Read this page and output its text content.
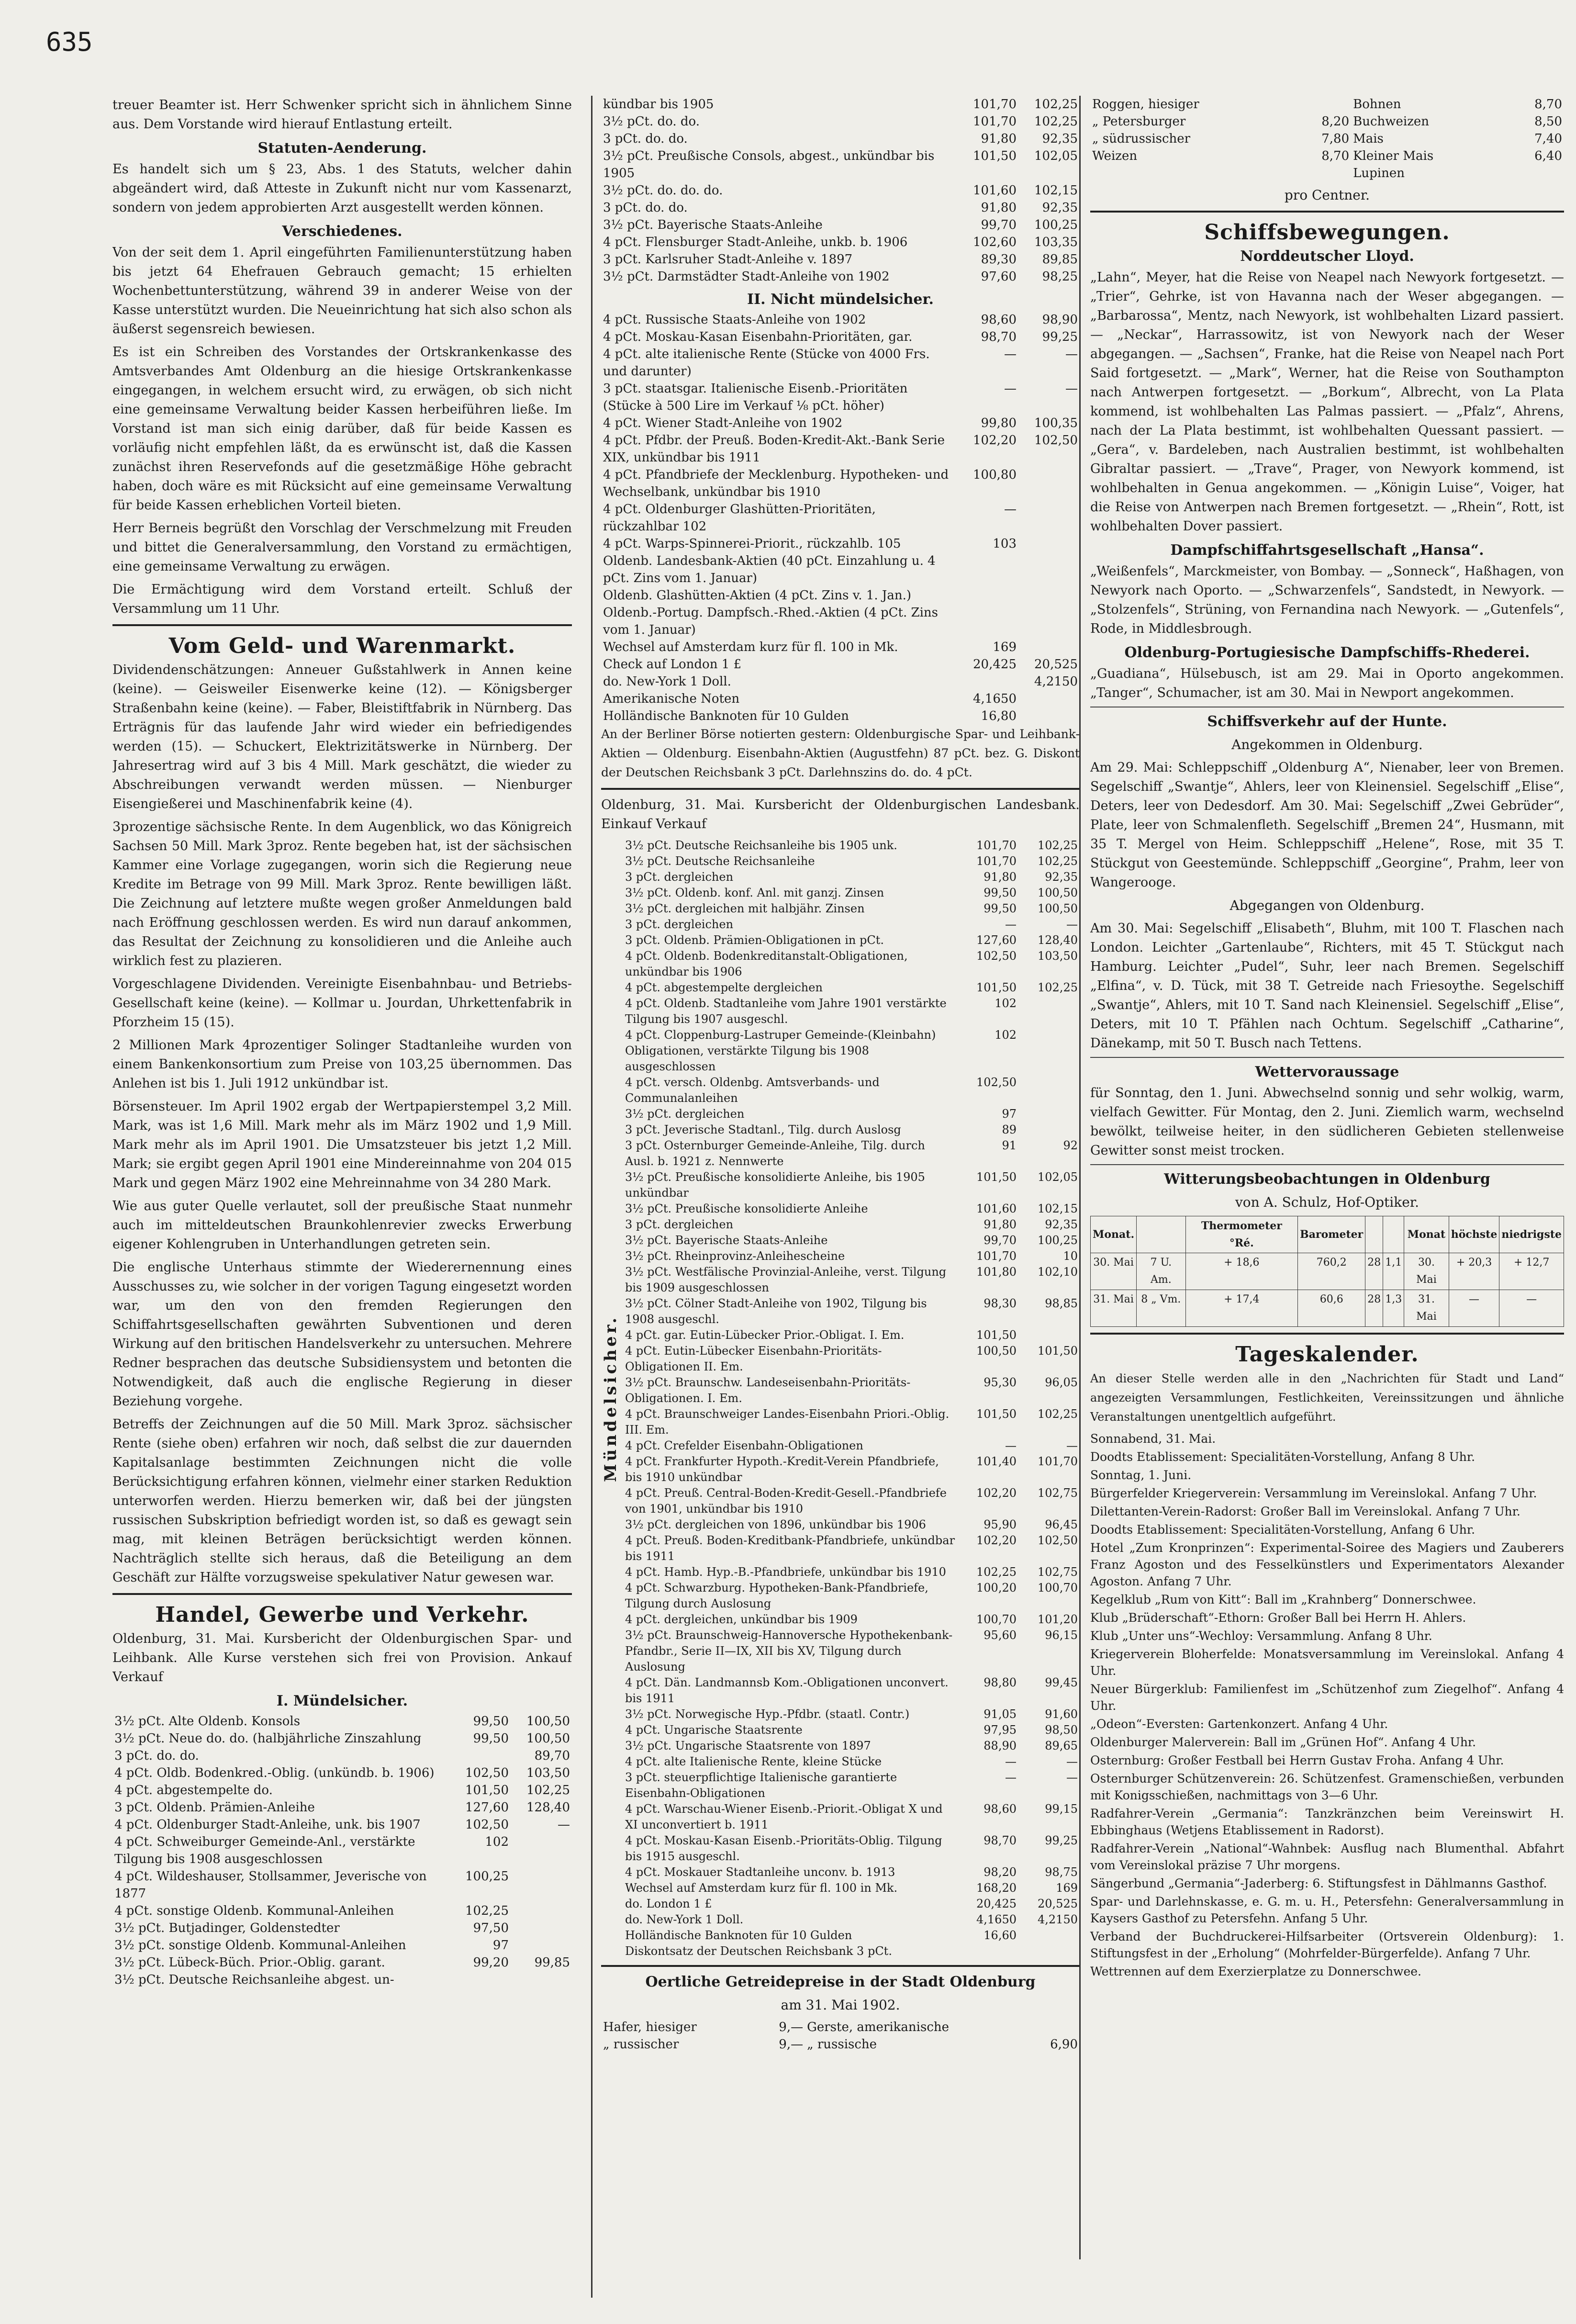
635

treuer Beamter ist. Herr Schwenker spricht sich in ähnlichem Sinne aus. Dem Vorstande wird hierauf Entlastung erteilt.

Statuten-Aenderung.

Es handelt sich um § 23, Abs. 1 des Statuts, welcher dahin abgeändert wird, daß Atteste in Zukunft nicht nur vom Kassenarzt, sondern von jedem approbierten Arzt ausgestellt werden können.

Verschiedenes.

Von der seit dem 1. April eingeführten Familienunterstützung haben bis jetzt 64 Ehefrauen Gebrauch gemacht; 15 erhielten Wochenbettunterstützung, während 39 in anderer Weise von der Kasse unterstützt wurden. Die Neueinrichtung hat sich also schon als äußerst segensreich bewiesen.

Es ist ein Schreiben des Vorstandes der Ortskrankenkasse des Amtsverbandes Amt Oldenburg an die hiesige Ortskrankenkasse eingegangen, in welchem ersucht wird, zu erwägen, ob sich nicht eine gemeinsame Verwaltung beider Kassen herbeiführen ließe. Im Vorstand ist man sich einig darüber, daß für beide Kassen es vorläufig nicht empfehlen läßt, da es erwünscht ist, daß die Kassen zunächst ihren Reservefonds auf die gesetzmäßige Höhe gebracht haben, doch wäre es mit Rücksicht auf eine gemeinsame Verwaltung für beide Kassen erheblichen Vorteil bieten.

Herr Berneis begrüßt den Vorschlag der Verschmelzung mit Freuden und bittet die Generalversammlung, den Vorstand zu ermächtigen, eine gemeinsame Verwaltung zu erwägen.

Die Ermächtigung wird dem Vorstand erteilt. Schluß der Versammlung um 11 Uhr.

Vom Geld- und Warenmarkt.

Dividendenschätzungen: Anneuer Gußstahlwerk in Annen keine (keine). — Geisweiler Eisenwerke keine (12). — Königsberger Straßenbahn keine (keine). — Faber, Bleistiftfabrik in Nürnberg. Das Erträgnis für das laufende Jahr wird wieder ein befriedigendes werden (15). — Schuckert, Elektrizitätswerke in Nürnberg. Der Jahresertrag wird auf 3 bis 4 Mill. Mark geschätzt, die wieder zu Abschreibungen verwandt werden müssen. — Nienburger Eisengießerei und Maschinenfabrik keine (4).

3prozentige sächsische Rente. In dem Augenblick, wo das Königreich Sachsen 50 Mill. Mark 3proz. Rente begeben hat, ist der sächsischen Kammer eine Vorlage zugegangen, worin sich die Regierung neue Kredite im Betrage von 99 Mill. Mark 3proz. Rente bewilligen läßt. Die Zeichnung auf letztere mußte wegen großer Anmeldungen bald nach Eröffnung geschlossen werden. Es wird nun darauf ankommen, das Resultat der Zeichnung zu konsolidieren und die Anleihe auch wirklich fest zu plazieren.

Vorgeschlagene Dividenden. Vereinigte Eisenbahnbau- und Betriebs-Gesellschaft keine (keine). — Kollmar u. Jourdan, Uhrkettenfabrik in Pforzheim 15 (15).

2 Millionen Mark 4prozentiger Solinger Stadtanleihe wurden von einem Bankenkonsortium zum Preise von 103,25 übernommen. Das Anlehen ist bis 1. Juli 1912 unkündbar ist.

Börsensteuer. Im April 1902 ergab der Wertpapierstempel 3,2 Mill. Mark, was ist 1,6 Mill. Mark mehr als im März 1902 und 1,9 Mill. Mark mehr als im April 1901. Die Umsatzsteuer bis jetzt 1,2 Mill. Mark; sie ergibt gegen April 1901 eine Mindereinnahme von 204 015 Mark und gegen März 1902 eine Mehreinnahme von 34 280 Mark.

Wie aus guter Quelle verlautet, soll der preußische Staat nunmehr auch im mitteldeutschen Braunkohlenrevier zwecks Erwerbung eigener Kohlengruben in Unterhandlungen getreten sein.

Die englische Unterhaus stimmte der Wiederernennung eines Ausschusses zu, wie solcher in der vorigen Tagung eingesetzt worden war, um den von den fremden Regierungen den Schiffahrtsgesellschaften gewährten Subventionen und deren Wirkung auf den britischen Handelsverkehr zu untersuchen. Mehrere Redner besprachen das deutsche Subsidiensystem und betonten die Notwendigkeit, daß auch die englische Regierung in dieser Beziehung vorgehe.

Betreffs der Zeichnungen auf die 50 Mill. Mark 3proz. sächsischer Rente (siehe oben) erfahren wir noch, daß selbst die zur dauernden Kapitalsanlage bestimmten Zeichnungen nicht die volle Berücksichtigung erfahren können, vielmehr einer starken Reduktion unterworfen werden. Hierzu bemerken wir, daß bei der jüngsten russischen Subskription befriedigt worden ist, so daß es gewagt sein mag, mit kleinen Beträgen berücksichtigt werden können. Nachträglich stellte sich heraus, daß die Beteiligung an dem Geschäft zur Hälfte vorzugsweise spekulativer Natur gewesen war.

Handel, Gewerbe und Verkehr.

Oldenburg, 31. Mai. Kursbericht der Oldenburgischen Spar- und Leihbank. Alle Kurse verstehen sich frei von Provision. Ankauf Verkauf

I. Mündelsicher.
3½ pCt. Alte Oldenb. Konsols	99,50	100,50
3½ pCt. Neue do. do. (halbjährliche Zinszahlung	99,50	100,50
3 pCt. do. do.		89,70
4 pCt. Oldb. Bodenkred.-Oblig. (unkündb. b. 1906)	102,50	103,50
4 pCt. abgestempelte do.	101,50	102,25
3 pCt. Oldenb. Prämien-Anleihe	127,60	128,40
4 pCt. Oldenburger Stadt-Anleihe, unk. bis 1907	102,50	—
4 pCt. Schweiburger Gemeinde-Anl., verstärkte Tilgung bis 1908 ausgeschlossen	102	
4 pCt. Wildeshauser, Stollsammer, Jeverische von 1877	100,25	
4 pCt. sonstige Oldenb. Kommunal-Anleihen	102,25	
3½ pCt. Butjadinger, Goldenstedter	97,50	
3½ pCt. sonstige Oldenb. Kommunal-Anleihen	97	
3½ pCt. Lübeck-Büch. Prior.-Oblig. garant.	99,20	99,85
3½ pCt. Deutsche Reichsanleihe abgest. un-		
kündbar bis 1905	101,70	102,25
3½ pCt. do. do.	101,70	102,25
3 pCt. do. do.	91,80	92,35
3½ pCt. Preußische Consols, abgest., unkündbar bis 1905	101,50	102,05
3½ pCt. do. do. do.	101,60	102,15
3 pCt. do. do.	91,80	92,35
3½ pCt. Bayerische Staats-Anleihe	99,70	100,25
4 pCt. Flensburger Stadt-Anleihe, unkb. b. 1906	102,60	103,35
3 pCt. Karlsruher Stadt-Anleihe v. 1897	89,30	89,85
3½ pCt. Darmstädter Stadt-Anleihe von 1902	97,60	98,25
II. Nicht mündelsicher.
4 pCt. Russische Staats-Anleihe von 1902	98,60	98,90
4 pCt. Moskau-Kasan Eisenbahn-Prioritäten, gar.	98,70	99,25
4 pCt. alte italienische Rente (Stücke von 4000 Frs. und darunter)	—	—
3 pCt. staatsgar. Italienische Eisenb.-Prioritäten (Stücke à 500 Lire im Verkauf ⅛ pCt. höher)	—	—
4 pCt. Wiener Stadt-Anleihe von 1902	99,80	100,35
4 pCt. Pfdbr. der Preuß. Boden-Kredit-Akt.-Bank Serie XIX, unkündbar bis 1911	102,20	102,50
4 pCt. Pfandbriefe der Mecklenburg. Hypotheken- und Wechselbank, unkündbar bis 1910	100,80	
4 pCt. Oldenburger Glashütten-Prioritäten, rückzahlbar 102	—	
4 pCt. Warps-Spinnerei-Priorit., rückzahlb. 105	103	
Oldenb. Landesbank-Aktien (40 pCt. Einzahlung u. 4 pCt. Zins vom 1. Januar)		
Oldenb. Glashütten-Aktien (4 pCt. Zins v. 1. Jan.)		
Oldenb.-Portug. Dampfsch.-Rhed.-Aktien (4 pCt. Zins vom 1. Januar)		
Wechsel auf Amsterdam kurz für fl. 100 in Mk.	169	
Check auf London 1 £	20,425	20,525
do. New-York 1 Doll.		4,2150
Amerikanische Noten	4,1650	
Holländische Banknoten für 10 Gulden	16,80	

An der Berliner Börse notierten gestern: Oldenburgische Spar- und Leihbank-Aktien — Oldenburg. Eisenbahn-Aktien (Augustfehn) 87 pCt. bez. G. Diskont der Deutschen Reichsbank 3 pCt. Darlehnszins do. do. 4 pCt.

Oldenburg, 31. Mai. Kursbericht der Oldenburgischen Landesbank. Einkauf Verkauf

Mündelsicher.
3½ pCt. Deutsche Reichsanleihe bis 1905 unk.	101,70	102,25
3½ pCt. Deutsche Reichsanleihe	101,70	102,25
3 pCt. dergleichen	91,80	92,35
3½ pCt. Oldenb. konf. Anl. mit ganzj. Zinsen	99,50	100,50
3½ pCt. dergleichen mit halbjähr. Zinsen	99,50	100,50
3 pCt. dergleichen	—	—
3 pCt. Oldenb. Prämien-Obligationen in pCt.	127,60	128,40
4 pCt. Oldenb. Bodenkreditanstalt-Obligationen, unkündbar bis 1906	102,50	103,50
4 pCt. abgestempelte dergleichen	101,50	102,25
4 pCt. Oldenb. Stadtanleihe vom Jahre 1901 verstärkte Tilgung bis 1907 ausgeschl.	102	
4 pCt. Cloppenburg-Lastruper Gemeinde-(Kleinbahn) Obligationen, verstärkte Tilgung bis 1908 ausgeschlossen	102	
4 pCt. versch. Oldenbg. Amtsverbands- und Communalanleihen	102,50	
3½ pCt. dergleichen	97	
3 pCt. Jeverische Stadtanl., Tilg. durch Auslosg	89	
3 pCt. Osternburger Gemeinde-Anleihe, Tilg. durch Ausl. b. 1921 z. Nennwerte	91	92
3½ pCt. Preußische konsolidierte Anleihe, bis 1905 unkündbar	101,50	102,05
3½ pCt. Preußische konsolidierte Anleihe	101,60	102,15
3 pCt. dergleichen	91,80	92,35
3½ pCt. Bayerische Staats-Anleihe	99,70	100,25
3½ pCt. Rheinprovinz-Anleihescheine	101,70	10
3½ pCt. Westfälische Provinzial-Anleihe, verst. Tilgung bis 1909 ausgeschlossen	101,80	102,10
3½ pCt. Cölner Stadt-Anleihe von 1902, Tilgung bis 1908 ausgeschl.	98,30	98,85
4 pCt. gar. Eutin-Lübecker Prior.-Obligat. I. Em.	101,50	
4 pCt. Eutin-Lübecker Eisenbahn-Prioritäts-Obligationen II. Em.	100,50	101,50
3½ pCt. Braunschw. Landeseisenbahn-Prioritäts-Obligationen. I. Em.	95,30	96,05
4 pCt. Braunschweiger Landes-Eisenbahn Priori.-Oblig. III. Em.	101,50	102,25
4 pCt. Crefelder Eisenbahn-Obligationen	—	—
4 pCt. Frankfurter Hypoth.-Kredit-Verein Pfandbriefe, bis 1910 unkündbar	101,40	101,70
4 pCt. Preuß. Central-Boden-Kredit-Gesell.-Pfandbriefe von 1901, unkündbar bis 1910	102,20	102,75
3½ pCt. dergleichen von 1896, unkündbar bis 1906	95,90	96,45
4 pCt. Preuß. Boden-Kreditbank-Pfandbriefe, unkündbar bis 1911	102,20	102,50
4 pCt. Hamb. Hyp.-B.-Pfandbriefe, unkündbar bis 1910	102,25	102,75
4 pCt. Schwarzburg. Hypotheken-Bank-Pfandbriefe, Tilgung durch Auslosung	100,20	100,70
4 pCt. dergleichen, unkündbar bis 1909	100,70	101,20
3½ pCt. Braunschweig-Hannoversche Hypothekenbank-Pfandbr., Serie II—IX, XII bis XV, Tilgung durch Auslosung	95,60	96,15
4 pCt. Dän. Landmannsb Kom.-Obligationen unconvert. bis 1911	98,80	99,45
3½ pCt. Norwegische Hyp.-Pfdbr. (staatl. Contr.)	91,05	91,60
4 pCt. Ungarische Staatsrente	97,95	98,50
3½ pCt. Ungarische Staatsrente von 1897	88,90	89,65
4 pCt. alte Italienische Rente, kleine Stücke	—	—
3 pCt. steuerpflichtige Italienische garantierte Eisenbahn-Obligationen	—	—
4 pCt. Warschau-Wiener Eisenb.-Priorit.-Obligat X und XI unconvertiert b. 1911	98,60	99,15
4 pCt. Moskau-Kasan Eisenb.-Prioritäts-Oblig. Tilgung bis 1915 ausgeschl.	98,70	99,25
4 pCt. Moskauer Stadtanleihe unconv. b. 1913	98,20	98,75
Wechsel auf Amsterdam kurz für fl. 100 in Mk.	168,20	169
do. London 1 £	20,425	20,525
do. New-York 1 Doll.	4,1650	4,2150
Holländische Banknoten für 10 Gulden	16,60	
Diskontsatz der Deutschen Reichsbank 3 pCt.		
Oertliche Getreidepreise in der Stadt Oldenburg
am 31. Mai 1902.
Hafer, hiesiger	9,—	Gerste, amerikanische	
„ russischer	9,—	„ russische	6,90
Roggen, hiesiger		Bohnen	8,70
„ Petersburger	8,20	Buchweizen	8,50
„ südrussischer	7,80	Mais	7,40
Weizen	8,70	Kleiner Mais	6,40
		Lupinen	
pro Centner.
Schiffsbewegungen.
Norddeutscher Lloyd.

„Lahn“, Meyer, hat die Reise von Neapel nach Newyork fortgesetzt. — „Trier“, Gehrke, ist von Havanna nach der Weser abgegangen. — „Barbarossa“, Mentz, nach Newyork, ist wohlbehalten Lizard passiert. — „Neckar“, Harrassowitz, ist von Newyork nach der Weser abgegangen. — „Sachsen“, Franke, hat die Reise von Neapel nach Port Said fortgesetzt. — „Mark“, Werner, hat die Reise von Southampton nach Antwerpen fortgesetzt. — „Borkum“, Albrecht, von La Plata kommend, ist wohlbehalten Las Palmas passiert. — „Pfalz“, Ahrens, nach der La Plata bestimmt, ist wohlbehalten Quessant passiert. — „Gera“, v. Bardeleben, nach Australien bestimmt, ist wohlbehalten Gibraltar passiert. — „Trave“, Prager, von Newyork kommend, ist wohlbehalten in Genua angekommen. — „Königin Luise“, Voiger, hat die Reise von Antwerpen nach Bremen fortgesetzt. — „Rhein“, Rott, ist wohlbehalten Dover passiert.

Dampfschiffahrtsgesellschaft „Hansa“.

„Weißenfels“, Marckmeister, von Bombay. — „Sonneck“, Haßhagen, von Newyork nach Oporto. — „Schwarzenfels“, Sandstedt, in Newyork. — „Stolzenfels“, Strüning, von Fernandina nach Newyork. — „Gutenfels“, Rode, in Middlesbrough.

Oldenburg-Portugiesische Dampfschiffs-Rhederei.

„Guadiana“, Hülsebusch, ist am 29. Mai in Oporto angekommen. „Tanger“, Schumacher, ist am 30. Mai in Newport angekommen.

Schiffsverkehr auf der Hunte.
Angekommen in Oldenburg.

Am 29. Mai: Schleppschiff „Oldenburg A“, Nienaber, leer von Bremen. Segelschiff „Swantje“, Ahlers, leer von Kleinensiel. Segelschiff „Elise“, Deters, leer von Dedesdorf. Am 30. Mai: Segelschiff „Zwei Gebrüder“, Plate, leer von Schmalenfleth. Segelschiff „Bremen 24“, Husmann, mit 35 T. Mergel von Heim. Schleppschiff „Helene“, Rose, mit 35 T. Stückgut von Geestemünde. Schleppschiff „Georgine“, Prahm, leer von Wangerooge.

Abgegangen von Oldenburg.

Am 30. Mai: Segelschiff „Elisabeth“, Bluhm, mit 100 T. Flaschen nach London. Leichter „Gartenlaube“, Richters, mit 45 T. Stückgut nach Hamburg. Leichter „Pudel“, Suhr, leer nach Bremen. Segelschiff „Elfina“, v. D. Tück, mit 38 T. Getreide nach Friesoythe. Segelschiff „Swantje“, Ahlers, mit 10 T. Sand nach Kleinensiel. Segelschiff „Elise“, Deters, mit 10 T. Pfählen nach Ochtum. Segelschiff „Catharine“, Dänekamp, mit 50 T. Busch nach Tettens.

Wettervoraussage

für Sonntag, den 1. Juni. Abwechselnd sonnig und sehr wolkig, warm, vielfach Gewitter. Für Montag, den 2. Juni. Ziemlich warm, wechselnd bewölkt, teilweise heiter, in den südlicheren Gebieten stellenweise Gewitter sonst meist trocken.

Witterungsbeobachtungen in Oldenburg
von A. Schulz, Hof-Optiker.
Monat.		Thermometer °Ré.	Barometer			Monat	höchste	niedrigste
30. Mai	7 U. Am.	+ 18,6	760,2	28	1,1	30. Mai	+ 20,3	+ 12,7
31. Mai	8 „ Vm.	+ 17,4	60,6	28	1,3	31. Mai	—	—
Tageskalender.

An dieser Stelle werden alle in den „Nachrichten für Stadt und Land“ angezeigten Versammlungen, Festlichkeiten, Vereinssitzungen und ähnliche Veranstaltungen unentgeltlich aufgeführt.

Sonnabend, 31. Mai.

Doodts Etablissement: Specialitäten-Vorstellung, Anfang 8 Uhr.

Sonntag, 1. Juni.

Bürgerfelder Kriegerverein: Versammlung im Vereinslokal. Anfang 7 Uhr.

Dilettanten-Verein-Radorst: Großer Ball im Vereinslokal. Anfang 7 Uhr.

Doodts Etablissement: Specialitäten-Vorstellung, Anfang 6 Uhr.

Hotel „Zum Kronprinzen“: Experimental-Soiree des Magiers und Zauberers Franz Agoston und des Fesselkünstlers und Experimentators Alexander Agoston. Anfang 7 Uhr.

Kegelklub „Rum von Kitt“: Ball im „Krahnberg“ Donnerschwee.

Klub „Brüderschaft“-Ethorn: Großer Ball bei Herrn H. Ahlers.

Klub „Unter uns“-Wechloy: Versammlung. Anfang 8 Uhr.

Kriegerverein Bloherfelde: Monatsversammlung im Vereinslokal. Anfang 4 Uhr.

Neuer Bürgerklub: Familienfest im „Schützenhof zum Ziegelhof“. Anfang 4 Uhr.

„Odeon“-Eversten: Gartenkonzert. Anfang 4 Uhr.

Oldenburger Malerverein: Ball im „Grünen Hof“. Anfang 4 Uhr.

Osternburg: Großer Festball bei Herrn Gustav Froha. Anfang 4 Uhr.

Osternburger Schützenverein: 26. Schützenfest. Gramenschießen, verbunden mit Konigsschießen, nachmittags von 3—6 Uhr.

Radfahrer-Verein „Germania“: Tanzkränzchen beim Vereinswirt H. Ebbinghaus (Wetjens Etablissement in Radorst).

Radfahrer-Verein „National“-Wahnbek: Ausflug nach Blumenthal. Abfahrt vom Vereinslokal präzise 7 Uhr morgens.

Sängerbund „Germania“-Jaderberg: 6. Stiftungsfest in Dählmanns Gasthof.

Spar- und Darlehnskasse, e. G. m. u. H., Petersfehn: Generalversammlung in Kaysers Gasthof zu Petersfehn. Anfang 5 Uhr.

Verband der Buchdruckerei-Hilfsarbeiter (Ortsverein Oldenburg): 1. Stiftungsfest in der „Erholung“ (Mohrfelder-Bürgerfelde). Anfang 7 Uhr.

Wettrennen auf dem Exerzierplatze zu Donnerschwee.
